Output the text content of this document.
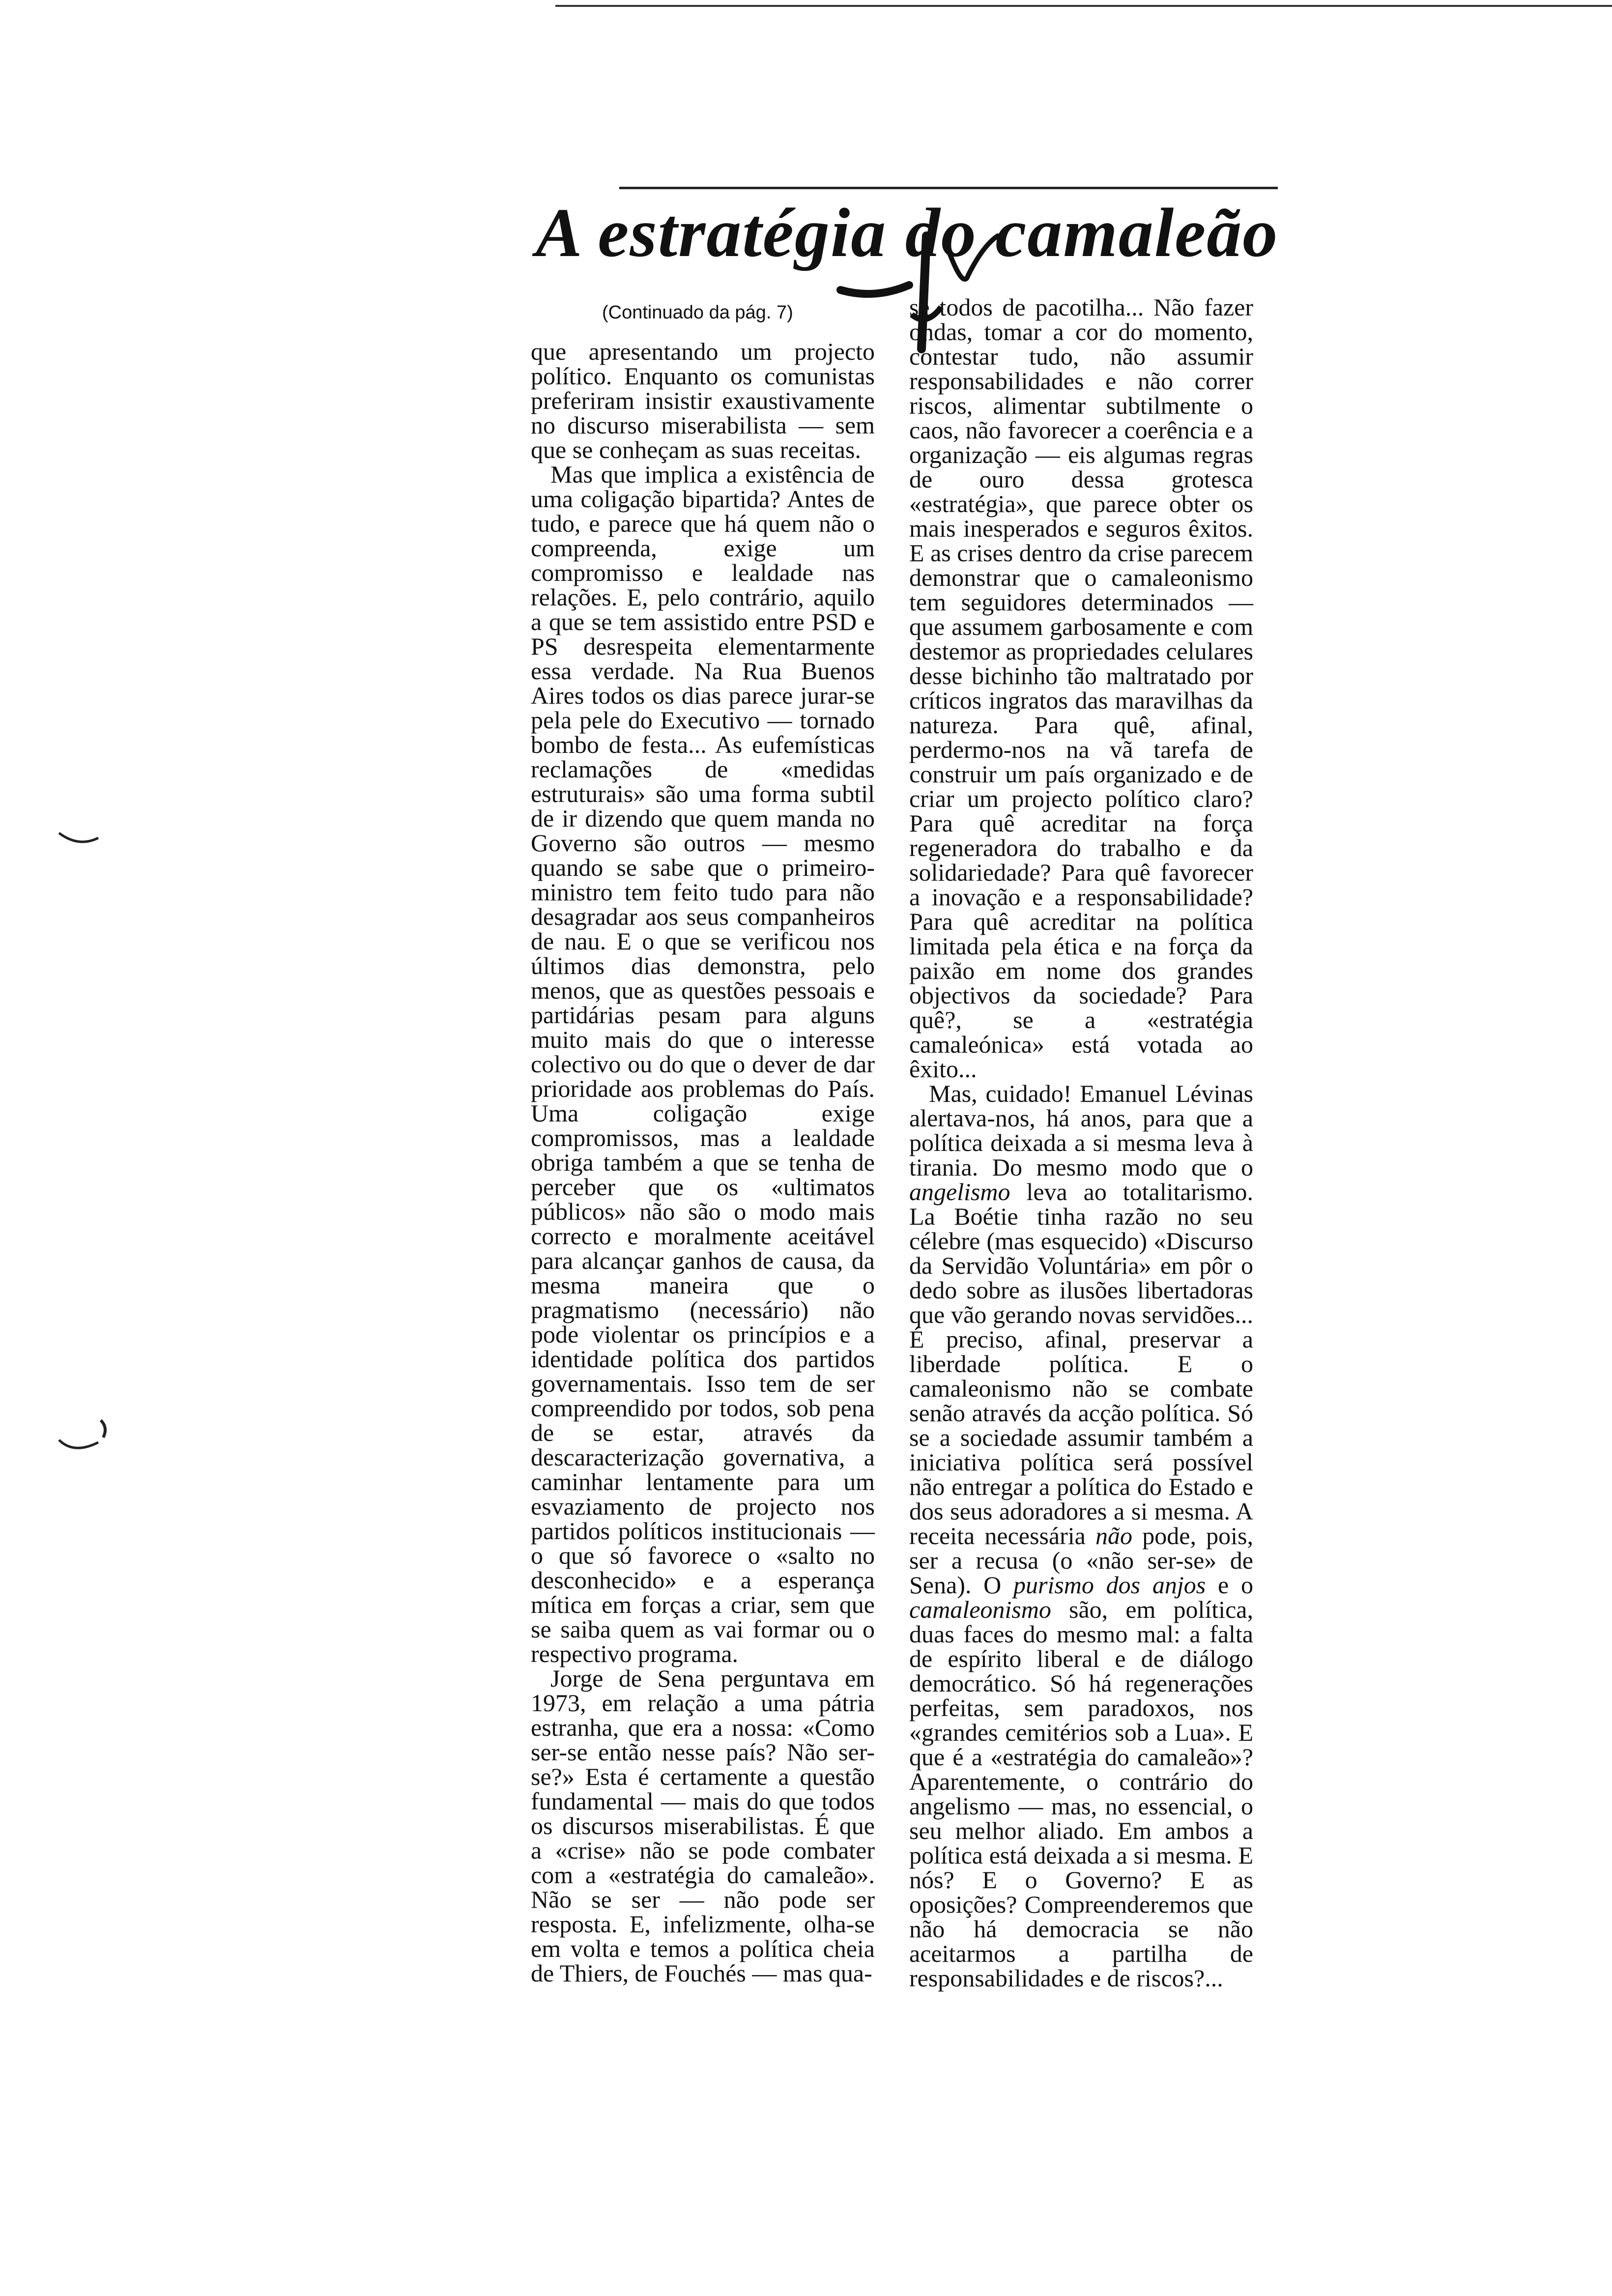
A estratégia do camaleão
(Continuado da pág. 7)

que apresentando um projecto político. Enquanto os comunistas preferiram insistir exaustivamente no discurso miserabilista — sem que se conheçam as suas receitas.

Mas que implica a existência de uma coligação bipartida? Antes de tudo, e parece que há quem não o compreenda, exige um compromisso e lealdade nas relações. E, pelo contrário, aquilo a que se tem assistido entre PSD e PS desrespeita elementarmente essa verdade. Na Rua Buenos Aires todos os dias parece jurar-se pela pele do Executivo — tornado bombo de festa... As eufemísticas reclamações de «medidas estruturais» são uma forma subtil de ir dizendo que quem manda no Governo são outros — mesmo quando se sabe que o primeiro-ministro tem feito tudo para não desagradar aos seus companheiros de nau. E o que se verificou nos últimos dias demonstra, pelo menos, que as questões pessoais e partidárias pesam para alguns muito mais do que o interesse colectivo ou do que o dever de dar prioridade aos problemas do País. Uma coligação exige compromissos, mas a lealdade obriga também a que se tenha de perceber que os «ultimatos públicos» não são o modo mais correcto e moralmente aceitável para alcançar ganhos de causa, da mesma maneira que o pragmatismo (necessário) não pode violentar os princípios e a identidade política dos partidos governamentais. Isso tem de ser compreendido por todos, sob pena de se estar, através da descaracterização governativa, a caminhar lentamente para um esvaziamento de projecto nos partidos políticos institucionais — o que só favorece o «salto no desconhecido» e a esperança mítica em forças a criar, sem que se saiba quem as vai formar ou o respectivo programa.

Jorge de Sena perguntava em 1973, em relação a uma pátria estranha, que era a nossa: «Como ser-se então nesse país? Não ser-se?» Esta é certamente a questão fundamental — mais do que todos os discursos miserabilistas. É que a «crise» não se pode combater com a «estratégia do camaleão». Não se ser — não pode ser resposta. E, infelizmente, olha-se em volta e temos a política cheia de Thiers, de Fouchés — mas qua-

se todos de pacotilha... Não fazer ondas, tomar a cor do momento, contestar tudo, não assumir responsabilidades e não correr riscos, alimentar subtilmente o caos, não favorecer a coerência e a organização — eis algumas regras de ouro dessa grotesca «estratégia», que parece obter os mais inesperados e seguros êxitos. E as crises dentro da crise parecem demonstrar que o camaleonismo tem seguidores determinados — que assumem garbosamente e com destemor as propriedades celulares desse bichinho tão maltratado por críticos ingratos das maravilhas da natureza. Para quê, afinal, perdermo-nos na vã tarefa de construir um país organizado e de criar um projecto político claro? Para quê acreditar na força regeneradora do trabalho e da solidariedade? Para quê favorecer a inovação e a responsabilidade? Para quê acreditar na política limitada pela ética e na força da paixão em nome dos grandes objectivos da sociedade? Para quê?, se a «estratégia camaleónica» está votada ao êxito...

Mas, cuidado! Emanuel Lévinas alertava-nos, há anos, para que a política deixada a si mesma leva à tirania. Do mesmo modo que o angelismo leva ao totalitarismo. La Boétie tinha razão no seu célebre (mas esquecido) «Discurso da Servidão Voluntária» em pôr o dedo sobre as ilusões libertadoras que vão gerando novas servidões... É preciso, afinal, preservar a liberdade política. E o camaleonismo não se combate senão através da acção política. Só se a sociedade assumir também a iniciativa política será possível não entregar a política do Estado e dos seus adoradores a si mesma. A receita necessária não pode, pois, ser a recusa (o «não ser-se» de Sena). O purismo dos anjos e o camaleonismo são, em política, duas faces do mesmo mal: a falta de espírito liberal e de diálogo democrático. Só há regenerações perfeitas, sem paradoxos, nos «grandes cemitérios sob a Lua». E que é a «estratégia do camaleão»? Aparentemente, o contrário do angelismo — mas, no essencial, o seu melhor aliado. Em ambos a política está deixada a si mesma. E nós? E o Governo? E as oposições? Compreenderemos que não há democracia se não aceitarmos a partilha de responsabilidades e de riscos?...
